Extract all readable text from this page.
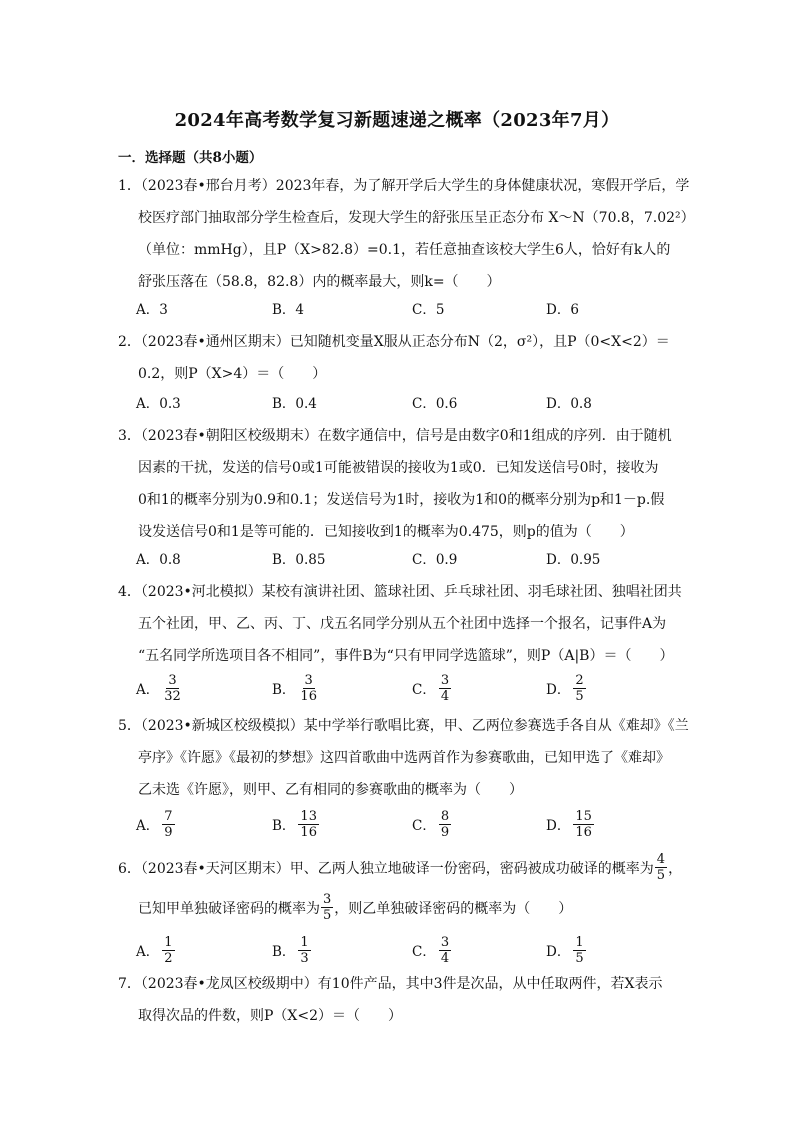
2024年高考数学复习新题速递之概率（2023年7月）
一．选择题（共8小题）
1．（2023春•邢台月考）2023年春，为了解开学后大学生的身体健康状况，寒假开学后，学
校医疗部门抽取部分学生检查后，发现大学生的舒张压呈正态分布 X～N（70.8，7.02²）
（单位：mmHg），且P（X>82.8）=0.1，若任意抽查该校大学生6人，恰好有k人的
舒张压落在（58.8，82.8）内的概率最大，则k=（　　）
A．3	B．4	C．5	D．6
2．（2023春•通州区期末）已知随机变量X服从正态分布N（2，σ²），且P（0<X<2）＝
0.2，则P（X>4）＝（　　）
A．0.3	B．0.4	C．0.6	D．0.8
3．（2023春•朝阳区校级期末）在数字通信中，信号是由数字0和1组成的序列．由于随机
因素的干扰，发送的信号0或1可能被错误的接收为1或0．已知发送信号0时，接收为
0和1的概率分别为0.9和0.1；发送信号为1时，接收为1和0的概率分别为p和1－p.假
设发送信号0和1是等可能的．已知接收到1的概率为0.475，则p的值为（　　）
A．0.8	B．0.85	C．0.9	D．0.95
4．（2023•河北模拟）某校有演讲社团、篮球社团、乒乓球社团、羽毛球社团、独唱社团共
五个社团，甲、乙、丙、丁、戊五名同学分别从五个社团中选择一个报名，记事件A为
“五名同学所选项目各不相同”，事件B为“只有甲同学选篮球”，则P（A|B）＝（　　）
A． $\frac{3}{32}$	B． $\frac{3}{16}$	C． $\frac{3}{4}$	D． $\frac{2}{5}$
5．（2023•新城区校级模拟）某中学举行歌唱比赛，甲、乙两位参赛选手各自从《难却》《兰
亭序》《许愿》《最初的梦想》这四首歌曲中选两首作为参赛歌曲，已知甲选了《难却》
乙未选《许愿》，则甲、乙有相同的参赛歌曲的概率为（　　）
A． $\frac{7}{9}$	B． $\frac{13}{16}$	C． $\frac{8}{9}$	D． $\frac{15}{16}$
6．（2023春•天河区期末）甲、乙两人独立地破译一份密码，密码被成功破译的概率为 $\frac{4}{5}$ ，
已知甲单独破译密码的概率为 $\frac{3}{5}$ ，则乙单独破译密码的概率为（　　）
A． $\frac{1}{2}$	B． $\frac{1}{3}$	C． $\frac{3}{4}$	D． $\frac{1}{5}$
7．（2023春•龙凤区校级期中）有10件产品，其中3件是次品，从中任取两件，若X表示
取得次品的件数，则P（X<2）＝（　　）
